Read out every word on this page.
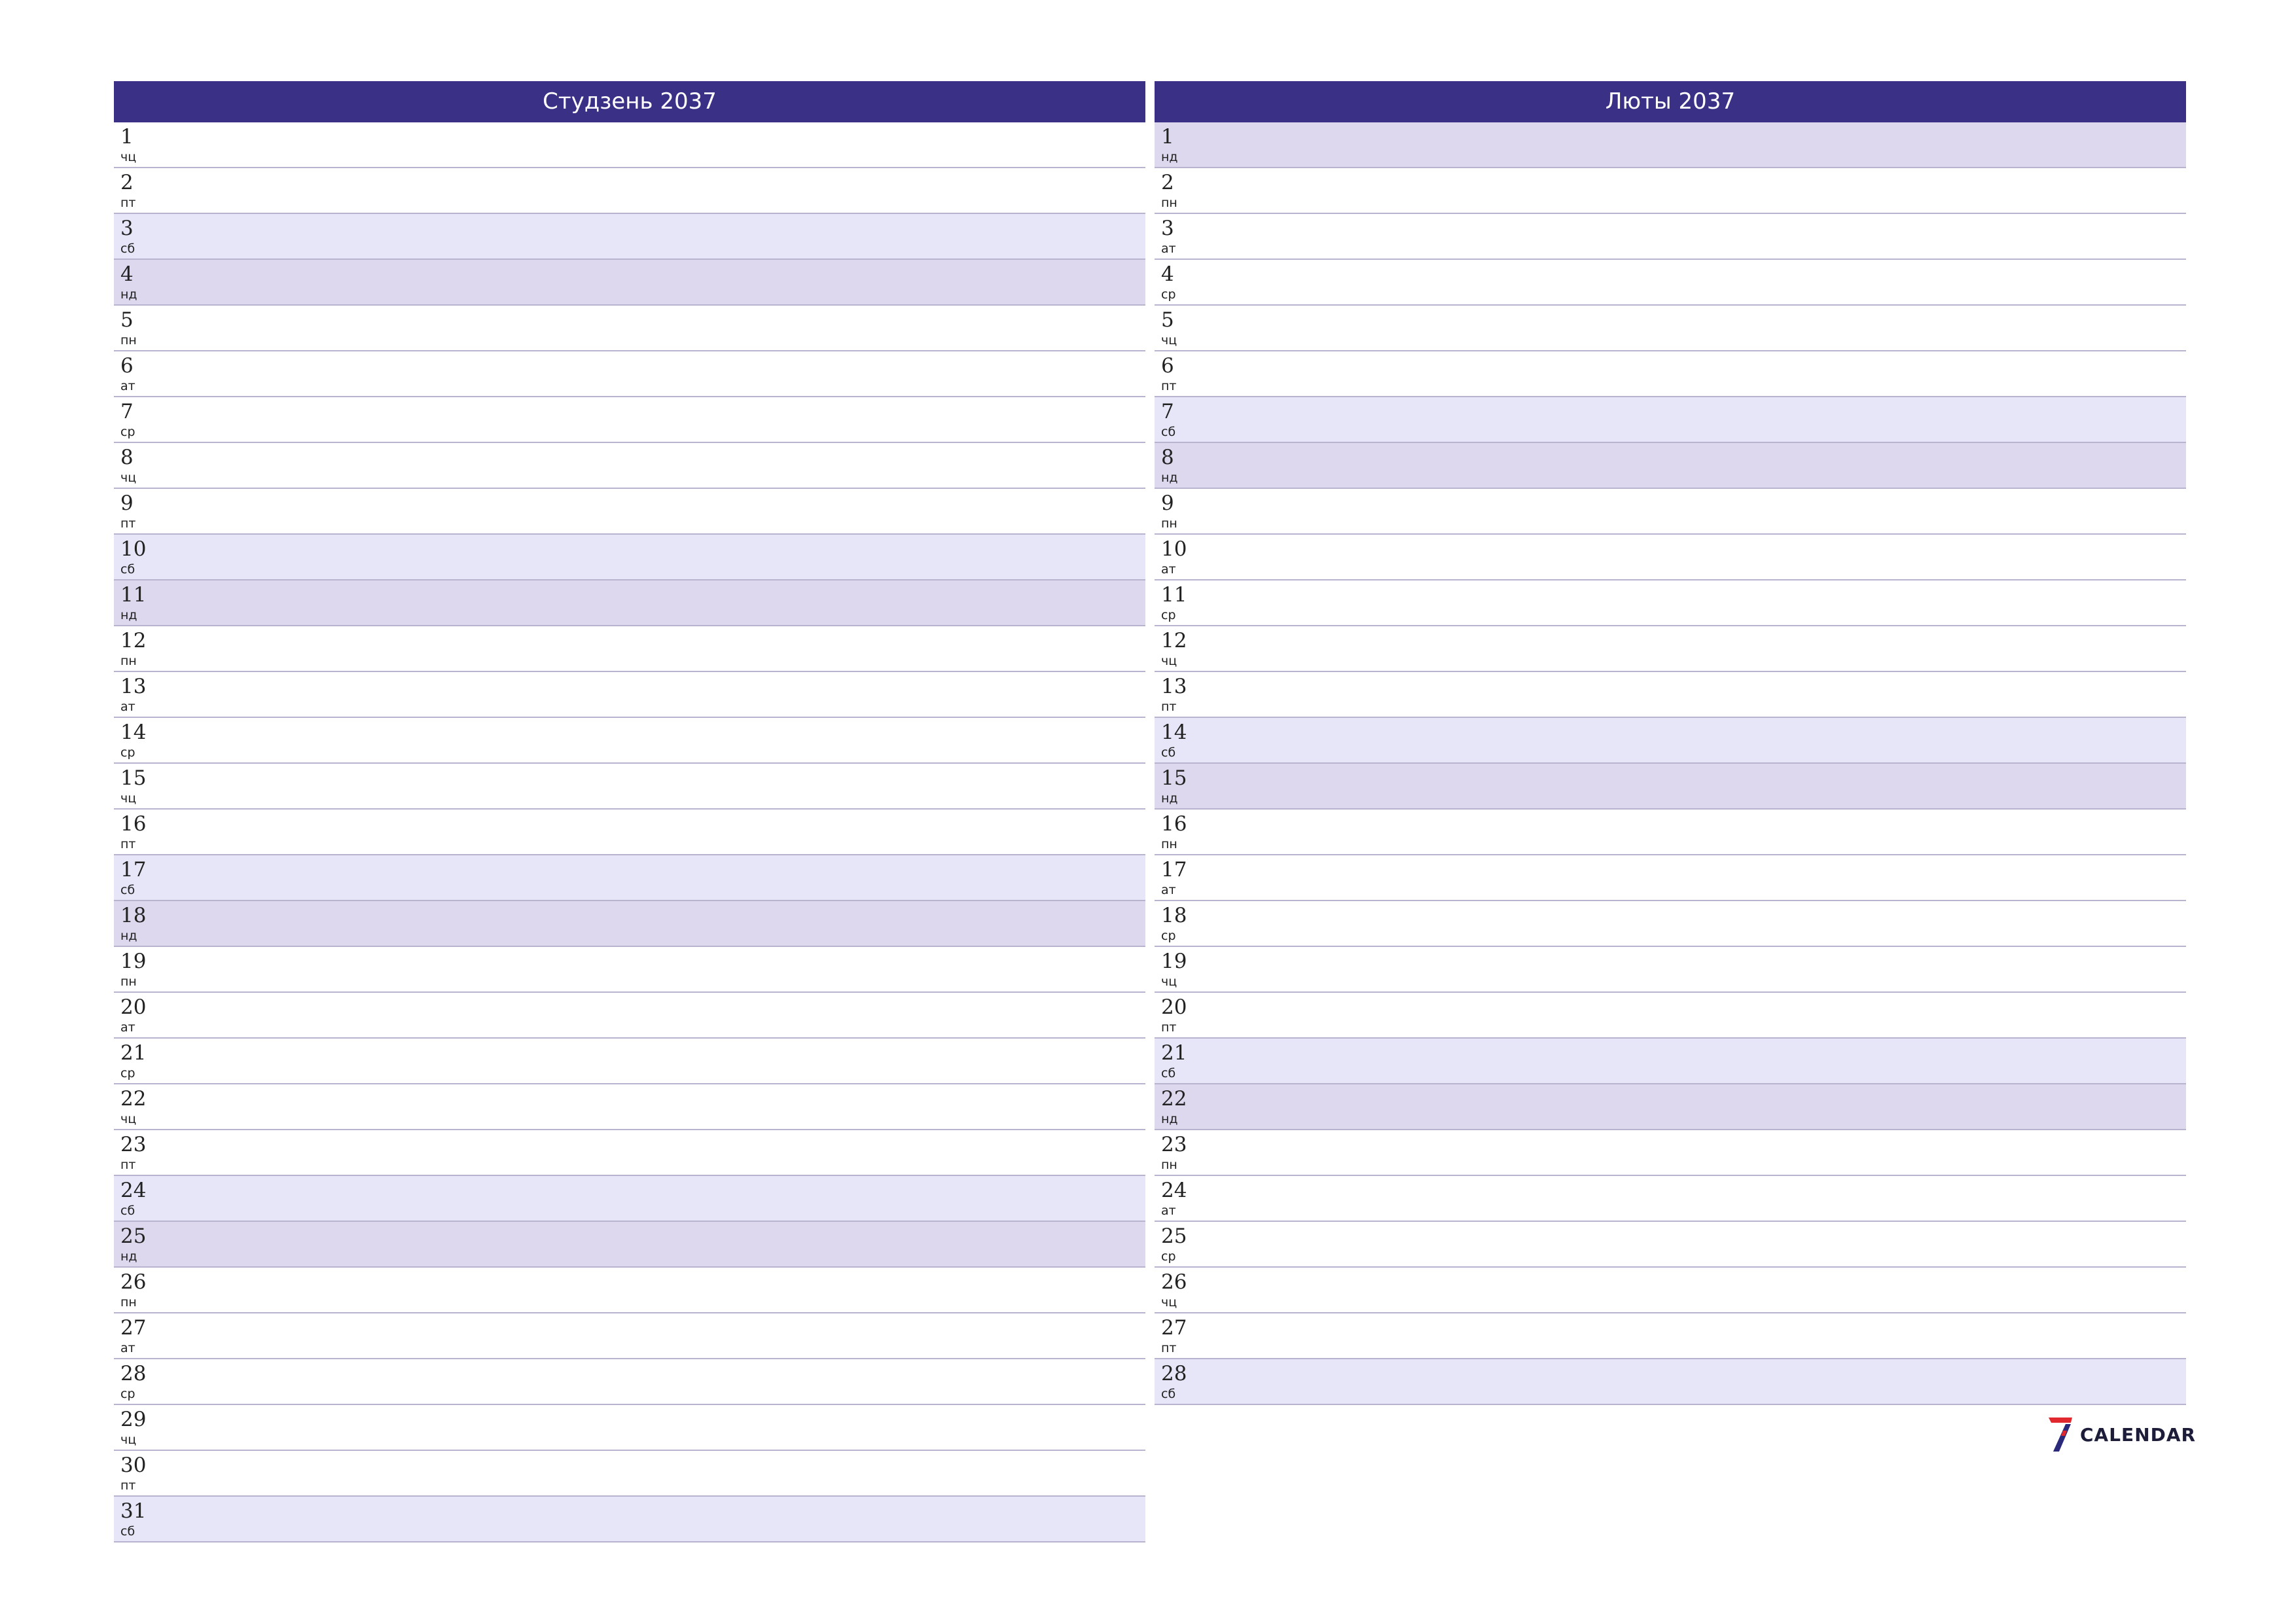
Студзень 2037
1
чц
2
пт
3
сб
4
нд
5
пн
6
ат
7
ср
8
чц
9
пт
10
сб
11
нд
12
пн
13
ат
14
ср
15
чц
16
пт
17
сб
18
нд
19
пн
20
ат
21
ср
22
чц
23
пт
24
сб
25
нд
26
пн
27
ат
28
ср
29
чц
30
пт
31
сб
Люты 2037
1
нд
2
пн
3
ат
4
ср
5
чц
6
пт
7
сб
8
нд
9
пн
10
ат
11
ср
12
чц
13
пт
14
сб
15
нд
16
пн
17
ат
18
ср
19
чц
20
пт
21
сб
22
нд
23
пн
24
ат
25
ср
26
чц
27
пт
28
сб
CALENDAR
